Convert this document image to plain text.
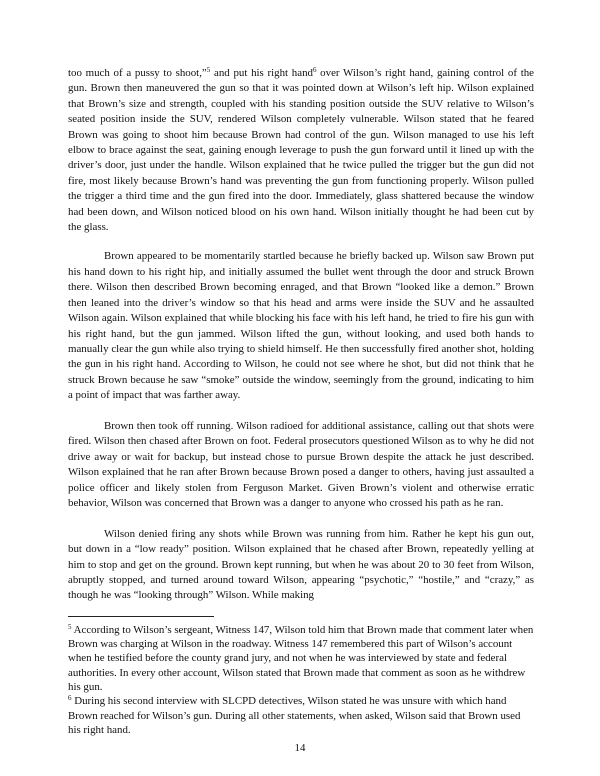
too much of a pussy to shoot,”$^5$ and put his right hand$^6$ over Wilson’s right hand, gaining control of the gun. Brown then maneuvered the gun so that it was pointed down at Wilson’s left hip. Wilson explained that Brown’s size and strength, coupled with his standing position outside the SUV relative to Wilson’s seated position inside the SUV, rendered Wilson completely vulnerable. Wilson stated that he feared Brown was going to shoot him because Brown had control of the gun. Wilson managed to use his left elbow to brace against the seat, gaining enough leverage to push the gun forward until it lined up with the driver’s door, just under the handle. Wilson explained that he twice pulled the trigger but the gun did not fire, most likely because Brown’s hand was preventing the gun from functioning properly. Wilson pulled the trigger a third time and the gun fired into the door. Immediately, glass shattered because the window had been down, and Wilson noticed blood on his own hand. Wilson initially thought he had been cut by the glass.

Brown appeared to be momentarily startled because he briefly backed up. Wilson saw Brown put his hand down to his right hip, and initially assumed the bullet went through the door and struck Brown there. Wilson then described Brown becoming enraged, and that Brown “looked like a demon.” Brown then leaned into the driver’s window so that his head and arms were inside the SUV and he assaulted Wilson again. Wilson explained that while blocking his face with his left hand, he tried to fire his gun with his right hand, but the gun jammed. Wilson lifted the gun, without looking, and used both hands to manually clear the gun while also trying to shield himself. He then successfully fired another shot, holding the gun in his right hand. According to Wilson, he could not see where he shot, but did not think that he struck Brown because he saw “smoke” outside the window, seemingly from the ground, indicating to him a point of impact that was farther away.

Brown then took off running. Wilson radioed for additional assistance, calling out that shots were fired. Wilson then chased after Brown on foot. Federal prosecutors questioned Wilson as to why he did not drive away or wait for backup, but instead chose to pursue Brown despite the attack he just described. Wilson explained that he ran after Brown because Brown posed a danger to others, having just assaulted a police officer and likely stolen from Ferguson Market. Given Brown’s violent and otherwise erratic behavior, Wilson was concerned that Brown was a danger to anyone who crossed his path as he ran.

Wilson denied firing any shots while Brown was running from him. Rather he kept his gun out, but down in a “low ready” position. Wilson explained that he chased after Brown, repeatedly yelling at him to stop and get on the ground. Brown kept running, but when he was about 20 to 30 feet from Wilson, abruptly stopped, and turned around toward Wilson, appearing “psychotic,” “hostile,” and “crazy,” as though he was “looking through” Wilson. While making

$^5$ According to Wilson’s sergeant, Witness 147, Wilson told him that Brown made that comment later when Brown was charging at Wilson in the roadway. Witness 147 remembered this part of Wilson’s account when he testified before the county grand jury, and not when he was interviewed by state and federal authorities. In every other account, Wilson stated that Brown made that comment as soon as he withdrew his gun.

$^6$ During his second interview with SLCPD detectives, Wilson stated he was unsure with which hand Brown reached for Wilson’s gun. During all other statements, when asked, Wilson said that Brown used his right hand.

14
